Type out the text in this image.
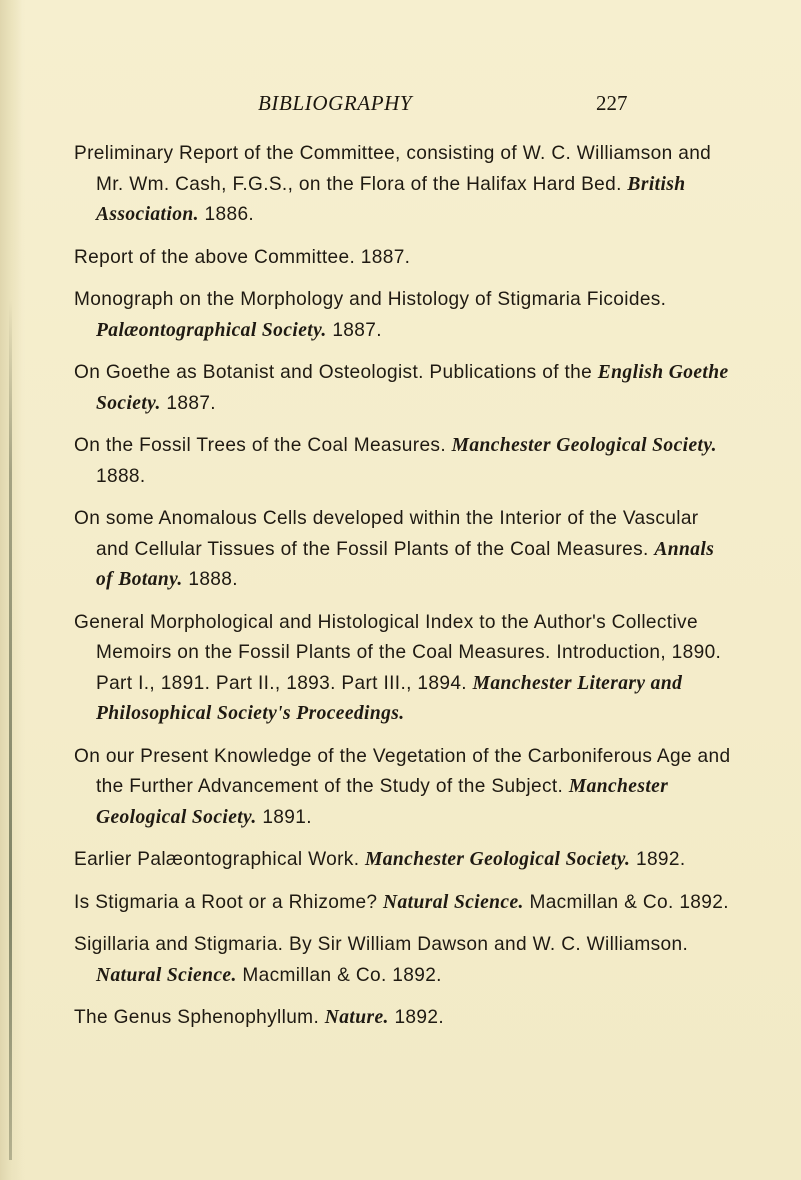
BIBLIOGRAPHY	227
Preliminary Report of the Committee, consisting of W. C. Williamson and Mr. Wm. Cash, F.G.S., on the Flora of the Halifax Hard Bed. British Association. 1886.
Report of the above Committee. 1887.
Monograph on the Morphology and Histology of Stigmaria Ficoides. Palæontographical Society. 1887.
On Goethe as Botanist and Osteologist. Publications of the English Goethe Society. 1887.
On the Fossil Trees of the Coal Measures. Manchester Geological Society. 1888.
On some Anomalous Cells developed within the Interior of the Vascular and Cellular Tissues of the Fossil Plants of the Coal Measures. Annals of Botany. 1888.
General Morphological and Histological Index to the Author's Collective Memoirs on the Fossil Plants of the Coal Measures. Introduction, 1890. Part I., 1891. Part II., 1893. Part III., 1894. Manchester Literary and Philosophical Society's Proceedings.
On our Present Knowledge of the Vegetation of the Carboniferous Age and the Further Advancement of the Study of the Subject. Manchester Geological Society. 1891.
Earlier Palæontographical Work. Manchester Geological Society. 1892.
Is Stigmaria a Root or a Rhizome? Natural Science. Macmillan & Co. 1892.
Sigillaria and Stigmaria. By Sir William Dawson and W. C. Williamson. Natural Science. Macmillan & Co. 1892.
The Genus Sphenophyllum. Nature. 1892.
